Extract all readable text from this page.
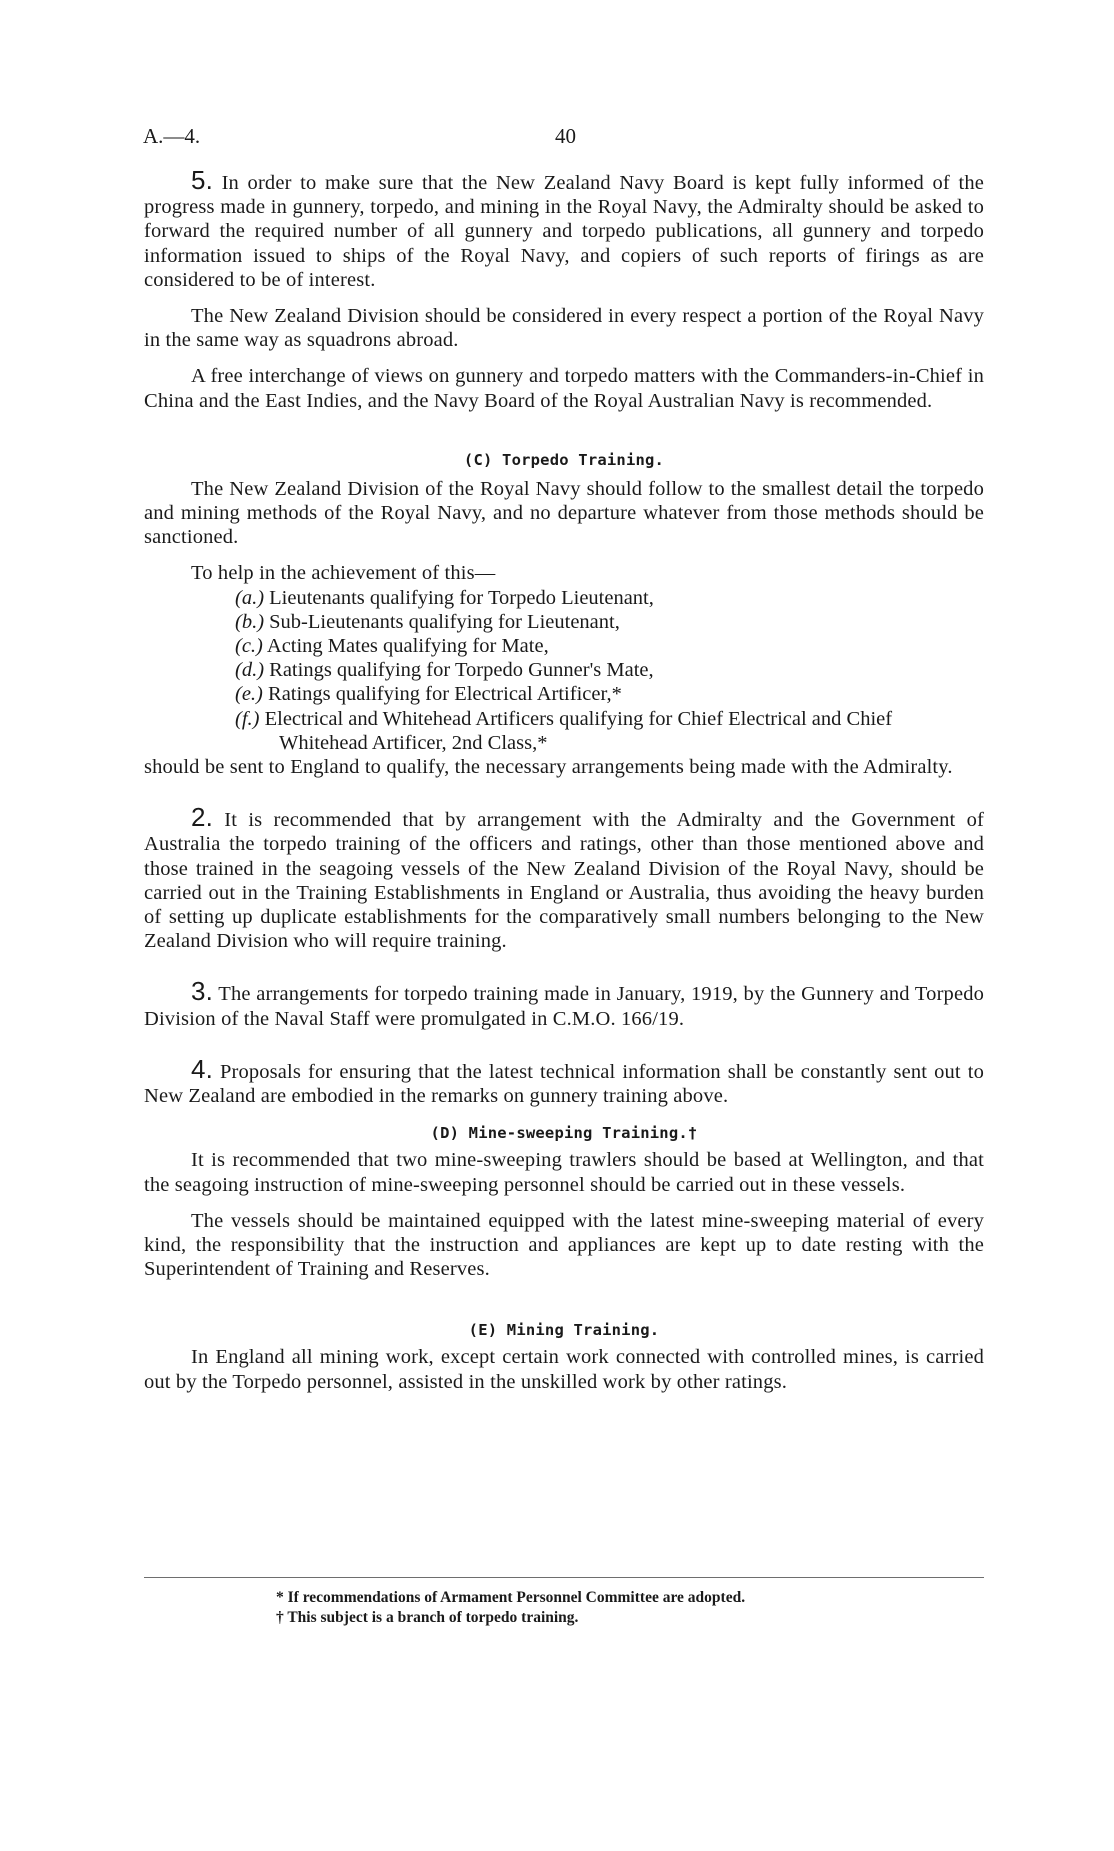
A.—4.	40

5. In order to make sure that the New Zealand Navy Board is kept fully informed of the progress made in gunnery, torpedo, and mining in the Royal Navy, the Admiralty should be asked to forward the required number of all gunnery and torpedo publications, all gunnery and torpedo information issued to ships of the Royal Navy, and copiers of such reports of firings as are considered to be of interest.

The New Zealand Division should be considered in every respect a portion of the Royal Navy in the same way as squadrons abroad.

A free interchange of views on gunnery and torpedo matters with the Commanders-in-Chief in China and the East Indies, and the Navy Board of the Royal Australian Navy is recommended.

(C) Torpedo Training.

The New Zealand Division of the Royal Navy should follow to the smallest detail the torpedo and mining methods of the Royal Navy, and no departure whatever from those methods should be sanctioned.

To help in the achievement of this—

(a.) Lieutenants qualifying for Torpedo Lieutenant,
(b.) Sub-Lieutenants qualifying for Lieutenant,
(c.) Acting Mates qualifying for Mate,
(d.) Ratings qualifying for Torpedo Gunner's Mate,
(e.) Ratings qualifying for Electrical Artificer,*
(f.) Electrical and Whitehead Artificers qualifying for Chief Electrical and Chief Whitehead Artificer, 2nd Class,*

should be sent to England to qualify, the necessary arrangements being made with the Admiralty.

2. It is recommended that by arrangement with the Admiralty and the Government of Australia the torpedo training of the officers and ratings, other than those mentioned above and those trained in the seagoing vessels of the New Zealand Division of the Royal Navy, should be carried out in the Training Establishments in England or Australia, thus avoiding the heavy burden of setting up duplicate establishments for the comparatively small numbers belonging to the New Zealand Division who will require training.

3. The arrangements for torpedo training made in January, 1919, by the Gunnery and Torpedo Division of the Naval Staff were promulgated in C.M.O. 166/19.

4. Proposals for ensuring that the latest technical information shall be constantly sent out to New Zealand are embodied in the remarks on gunnery training above.

(D) Mine-sweeping Training.†

It is recommended that two mine-sweeping trawlers should be based at Wellington, and that the seagoing instruction of mine-sweeping personnel should be carried out in these vessels.

The vessels should be maintained equipped with the latest mine-sweeping material of every kind, the responsibility that the instruction and appliances are kept up to date resting with the Superintendent of Training and Reserves.

(E) Mining Training.

In England all mining work, except certain work connected with controlled mines, is carried out by the Torpedo personnel, assisted in the unskilled work by other ratings.

* If recommendations of Armament Personnel Committee are adopted.

† This subject is a branch of torpedo training.
